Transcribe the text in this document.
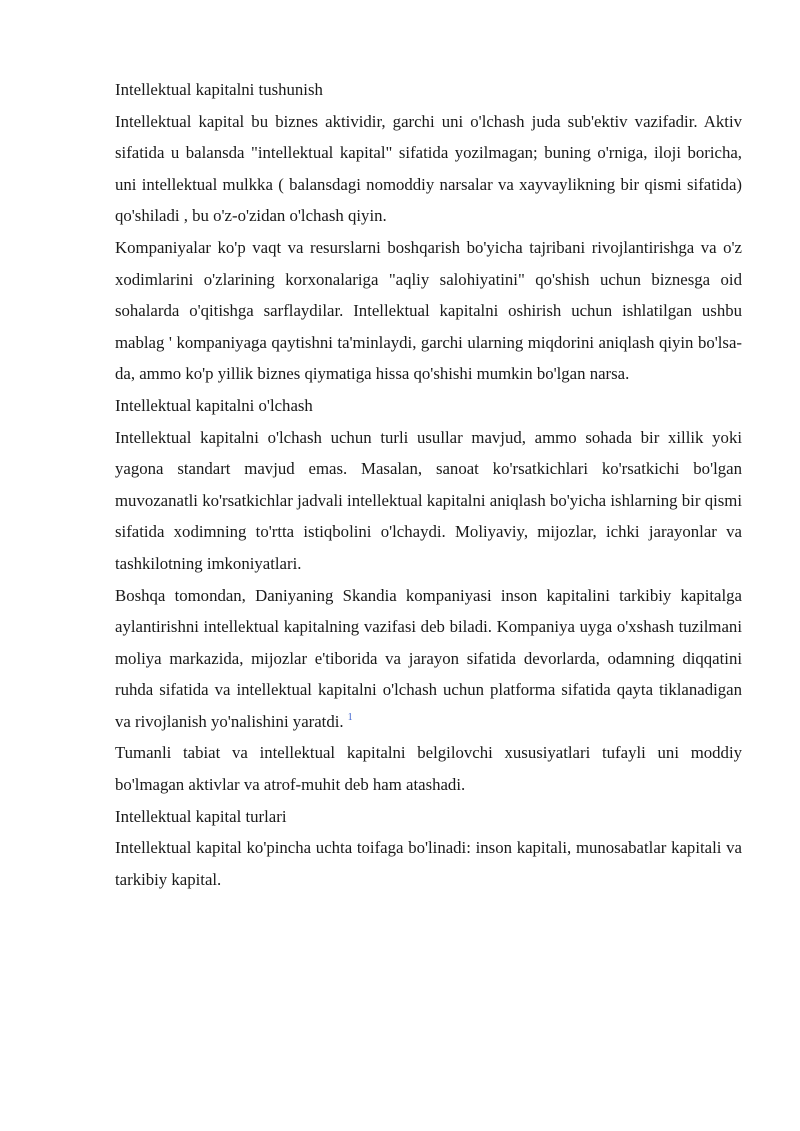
Intellektual kapitalni tushunish

Intellektual kapital bu biznes aktividir, garchi uni o'lchash juda sub'ektiv vazifadir. Aktiv sifatida u balansda "intellektual kapital" sifatida yozilmagan; buning o'rniga, iloji boricha, uni intellektual mulkka ( balansdagi nomoddiy narsalar va xayvaylikning bir qismi sifatida) qo'shiladi , bu o'z-o'zidan o'lchash qiyin.

Kompaniyalar ko'p vaqt va resurslarni boshqarish bo'yicha tajribani rivojlantirishga va o'z xodimlarini o'zlarining korxonalariga "aqliy salohiyatini" qo'shish uchun biznesga oid sohalarda o'qitishga sarflaydilar. Intellektual kapitalni oshirish uchun ishlatilgan ushbu mablag ' kompaniyaga qaytishni ta'minlaydi, garchi ularning miqdorini aniqlash qiyin bo'lsa-da, ammo ko'p yillik biznes qiymatiga hissa qo'shishi mumkin bo'lgan narsa.

Intellektual kapitalni o'lchash

Intellektual kapitalni o'lchash uchun turli usullar mavjud, ammo sohada bir xillik yoki yagona standart mavjud emas. Masalan, sanoat ko'rsatkichlari ko'rsatkichi bo'lgan muvozanatli ko'rsatkichlar jadvali intellektual kapitalni aniqlash bo'yicha ishlarning bir qismi sifatida xodimning to'rtta istiqbolini o'lchaydi. Moliyaviy, mijozlar, ichki jarayonlar va tashkilotning imkoniyatlari.

Boshqa tomondan, Daniyaning Skandia kompaniyasi inson kapitalini tarkibiy kapitalga aylantirishni intellektual kapitalning vazifasi deb biladi. Kompaniya uyga o'xshash tuzilmani moliya markazida, mijozlar e'tiborida va jarayon sifatida devorlarda, odamning diqqatini ruhda sifatida va intellektual kapitalni o'lchash uchun platforma sifatida qayta tiklanadigan va rivojlanish yo'nalishini yaratdi. $^1$

Tumanli tabiat va intellektual kapitalni belgilovchi xususiyatlari tufayli uni moddiy bo'lmagan aktivlar va atrof-muhit deb ham atashadi.

Intellektual kapital turlari

Intellektual kapital ko'pincha uchta toifaga bo'linadi: inson kapitali, munosabatlar kapitali va tarkibiy kapital.
